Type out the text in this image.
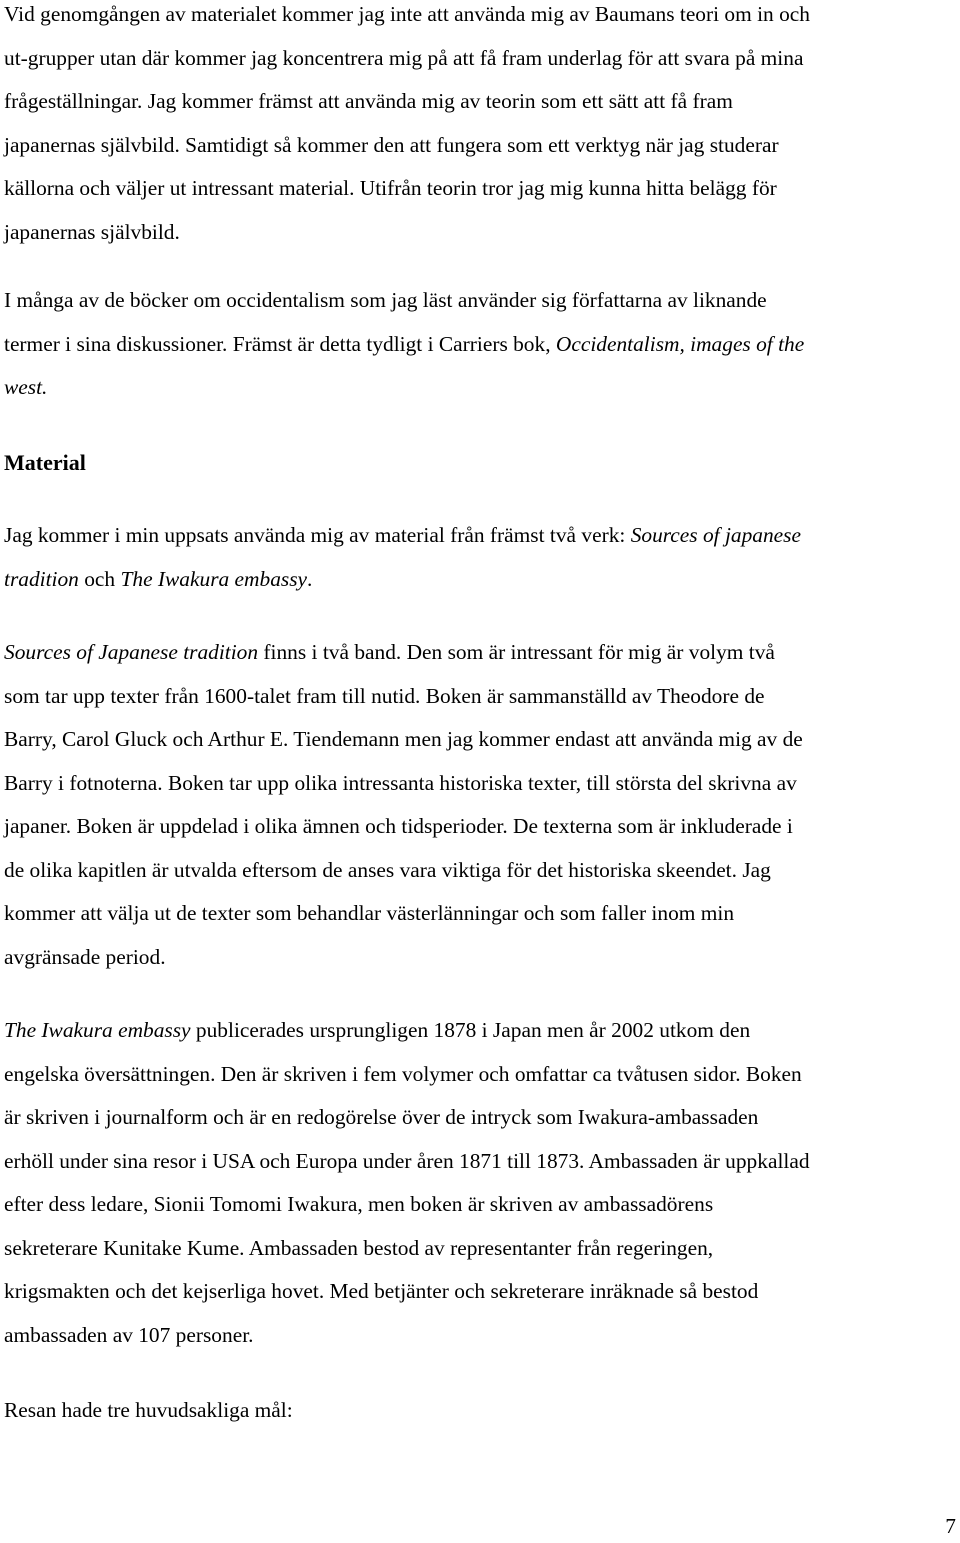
Vid genomgången av materialet kommer jag inte att använda mig av Baumans teori om in och
ut-grupper utan där kommer jag koncentrera mig på att få fram underlag för att svara på mina
frågeställningar. Jag kommer främst att använda mig av teorin som ett sätt att få fram
japanernas självbild. Samtidigt så kommer den att fungera som ett verktyg när jag studerar
källorna och väljer ut intressant material. Utifrån teorin tror jag mig kunna hitta belägg för
japanernas självbild.

I många av de böcker om occidentalism som jag läst använder sig författarna av liknande
termer i sina diskussioner. Främst är detta tydligt i Carriers bok, Occidentalism, images of the
west.

Material

Jag kommer i min uppsats använda mig av material från främst två verk: Sources of japanese
tradition och The Iwakura embassy.

Sources of Japanese tradition finns i två band. Den som är intressant för mig är volym två
som tar upp texter från 1600-talet fram till nutid. Boken är sammanställd av Theodore de
Barry, Carol Gluck och Arthur E. Tiendemann men jag kommer endast att använda mig av de
Barry i fotnoterna. Boken tar upp olika intressanta historiska texter, till största del skrivna av
japaner. Boken är uppdelad i olika ämnen och tidsperioder. De texterna som är inkluderade i
de olika kapitlen är utvalda eftersom de anses vara viktiga för det historiska skeendet. Jag
kommer att välja ut de texter som behandlar västerlänningar och som faller inom min
avgränsade period.

The Iwakura embassy publicerades ursprungligen 1878 i Japan men år 2002 utkom den
engelska översättningen. Den är skriven i fem volymer och omfattar ca tvåtusen sidor. Boken
är skriven i journalform och är en redogörelse över de intryck som Iwakura-ambassaden
erhöll under sina resor i USA och Europa under åren 1871 till 1873. Ambassaden är uppkallad
efter dess ledare, Sionii Tomomi Iwakura, men boken är skriven av ambassadörens
sekreterare Kunitake Kume. Ambassaden bestod av representanter från regeringen,
krigsmakten och det kejserliga hovet. Med betjänter och sekreterare inräknade så bestod
ambassaden av 107 personer.

Resan hade tre huvudsakliga mål:

7
